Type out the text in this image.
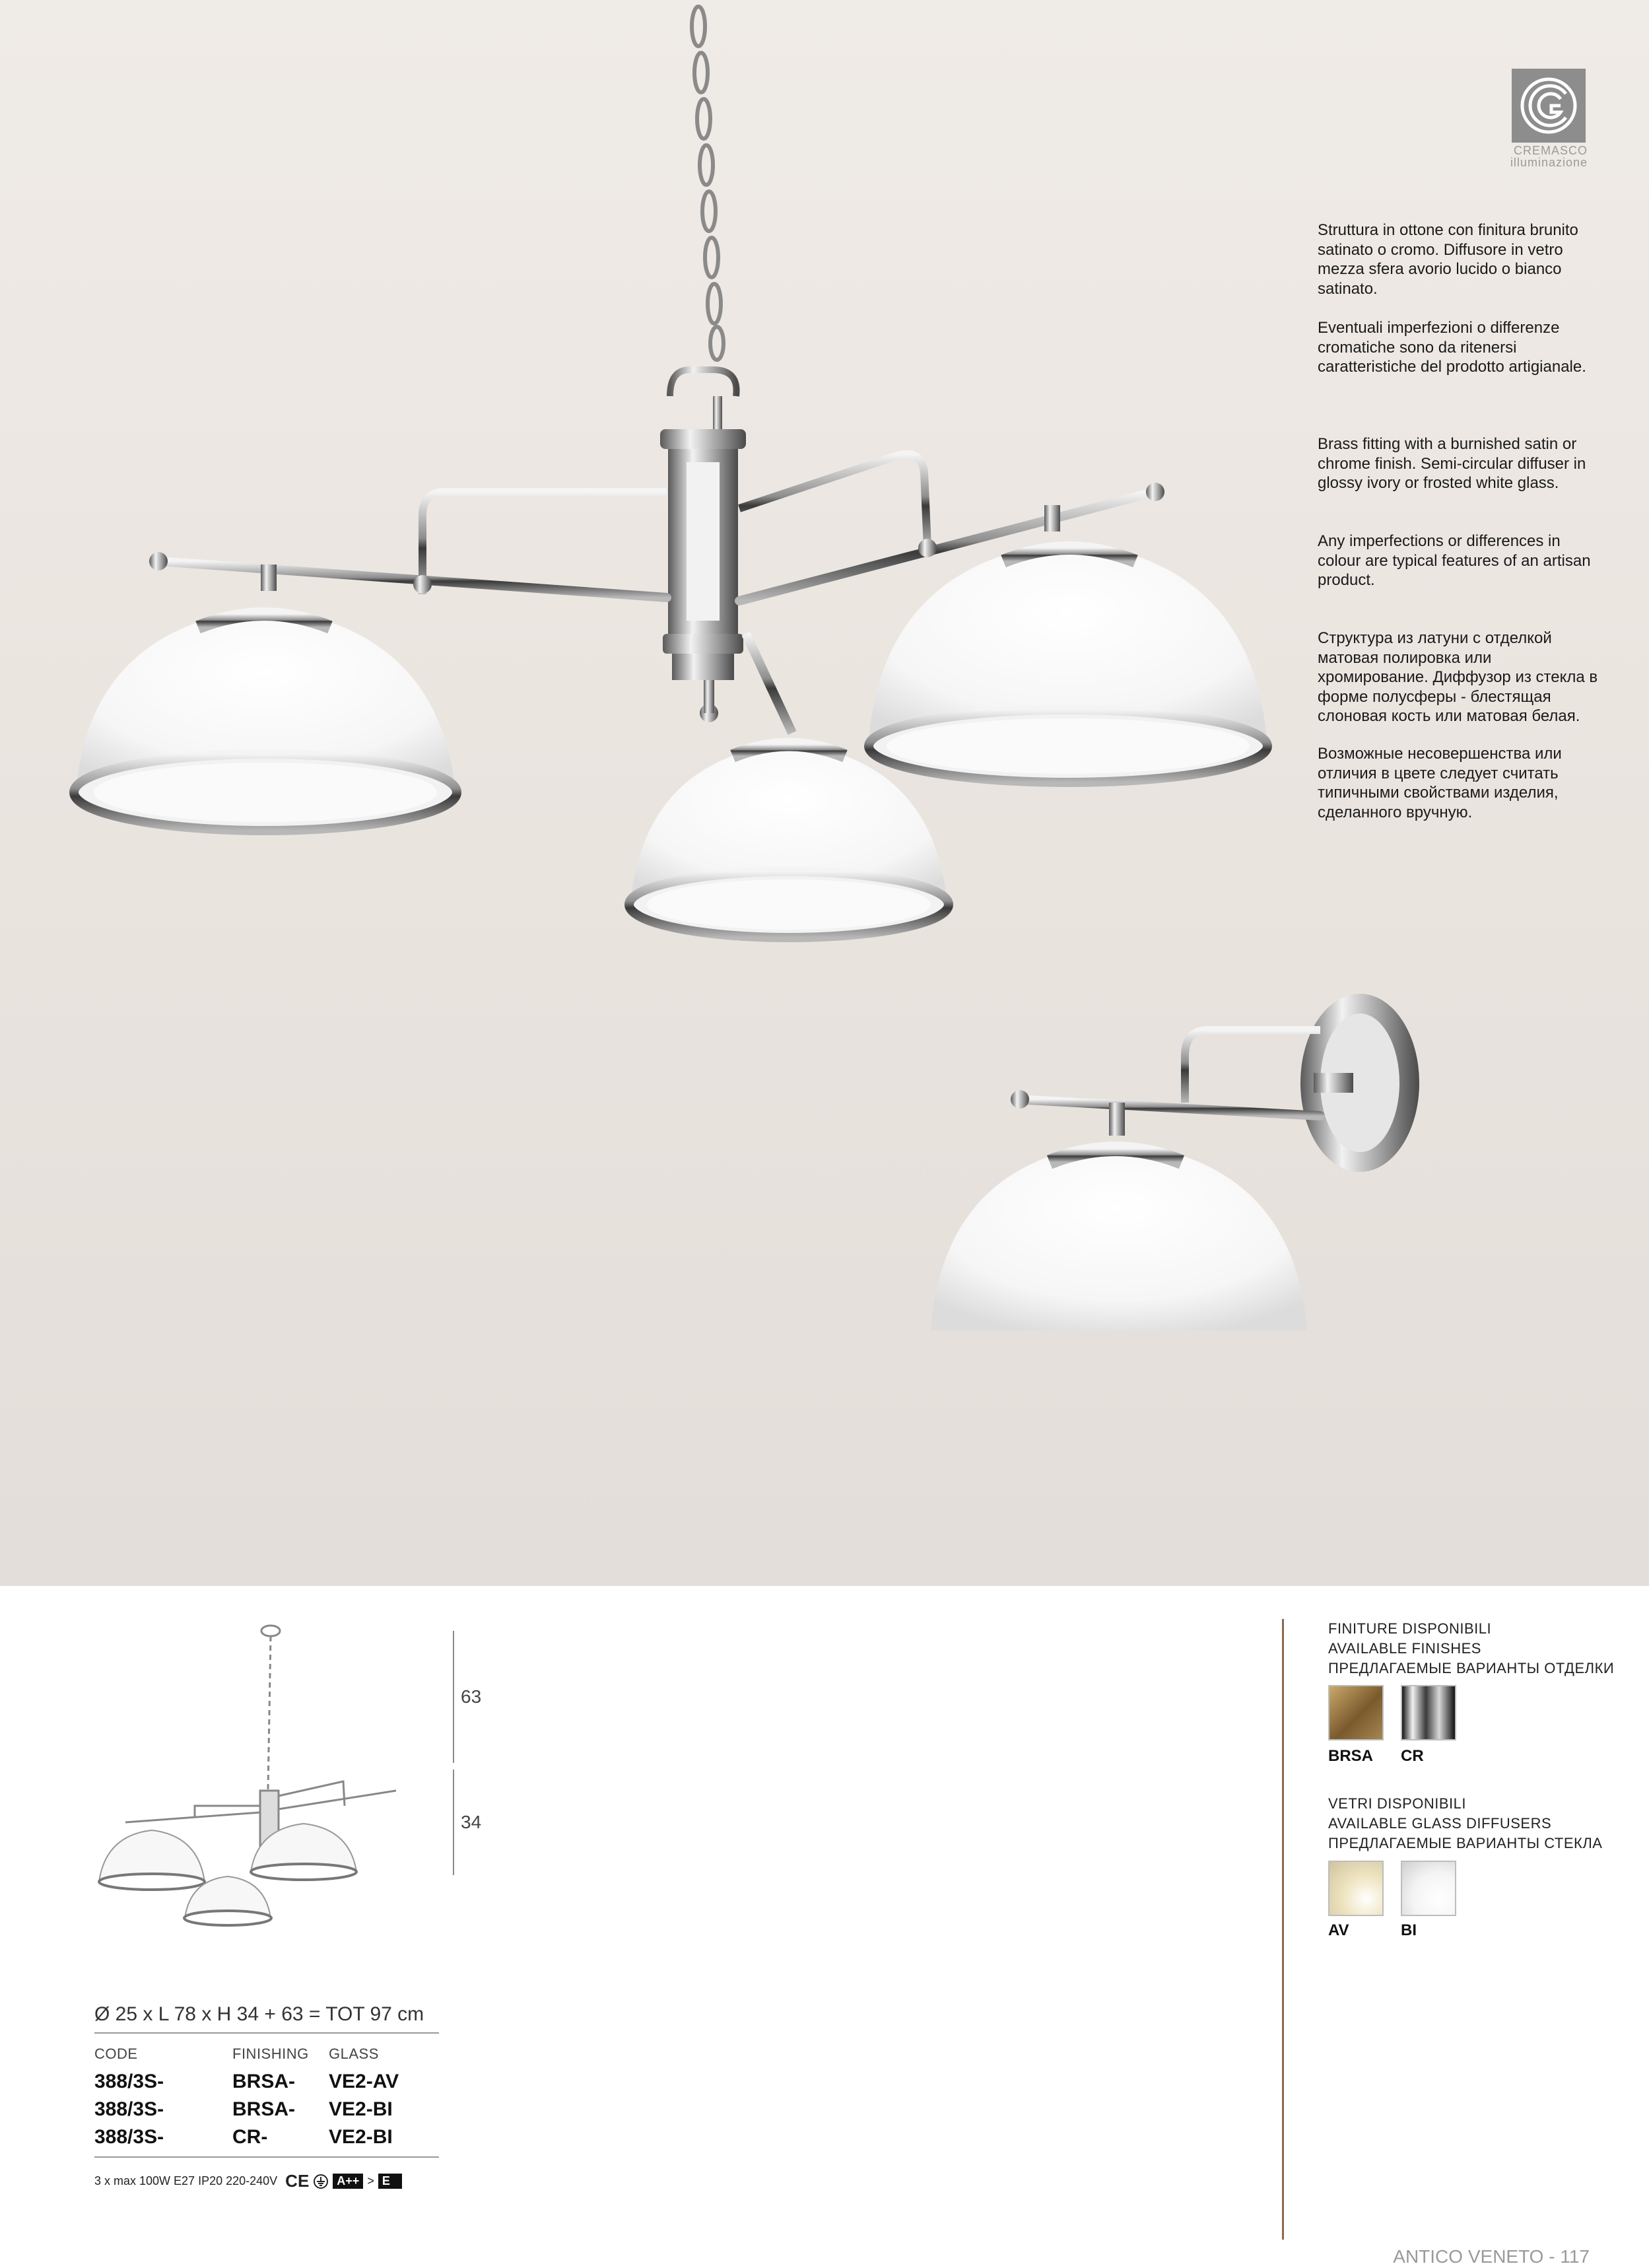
CREMASCO
illuminazione
Struttura in ottone con finitura brunito satinato o cromo. Diffusore in vetro mezza sfera avorio lucido o bianco satinato.
Eventuali imperfezioni o differenze cromatiche sono da ritenersi caratteristiche del prodotto artigianale.
Brass fitting with a burnished satin or chrome finish. Semi-circular diffuser in glossy ivory or frosted white glass.
Any imperfections or differences in colour are typical features of an artisan product.
Структура из латуни с отделкой матовая полировка или хромирование. Диффузор из стекла в форме полусферы - блестящая слоновая кость или матовая белая.
Возможные несовершенства или отличия в цвете следует считать типичными свойствами изделия, сделанного вручную.
63
34
Ø 25 x L 78 x H 34 + 63 = TOT 97 cm
CODE	FINISHING GLASS
388/3S-	BRSA- VE2-AV
388/3S-	BRSA- VE2-BI
388/3S-	CR-	VE2-BI
3 x max 100W E27 IP20 220-240V CE	A++ > E
FINITURE DISPONIBILI
AVAILABLE FINISHES
ПРЕДЛАГАЕМЫЕ ВАРИАНТЫ ОТДЕЛКИ
BRSA CR
VETRI DISPONIBILI
AVAILABLE GLASS DIFFUSERS
ПРЕДЛАГАЕМЫЕ ВАРИАНТЫ СТЕКЛА
AV	BI
ANTICO VENETO - 117
